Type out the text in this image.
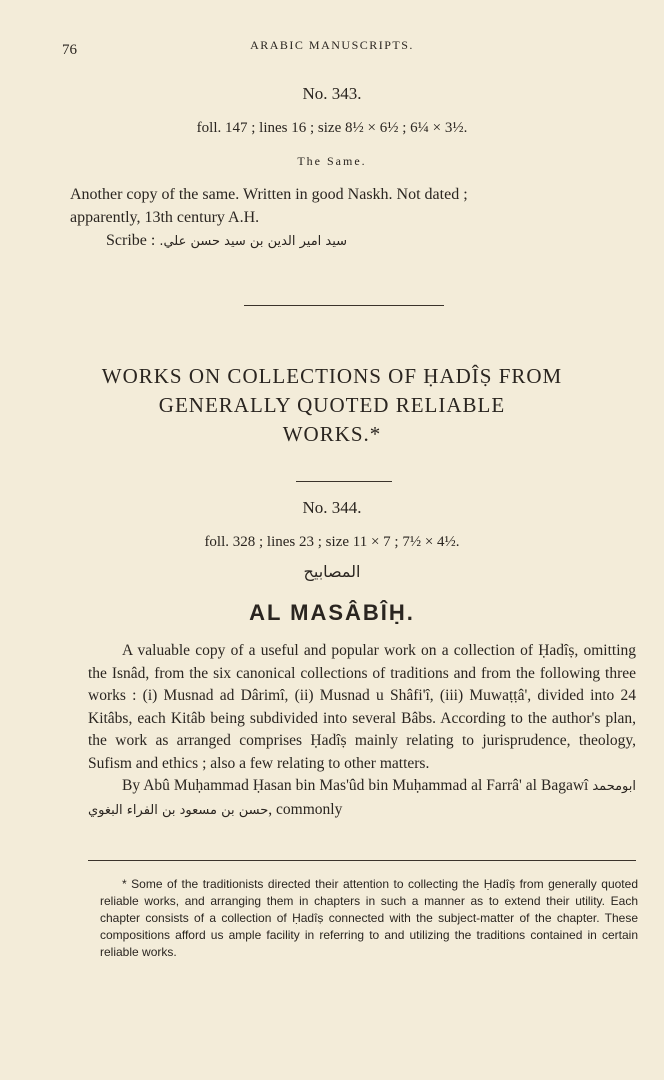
76	ARABIC MANUSCRIPTS.
No. 343.
foll. 147 ; lines 16 ; size 8½ × 6½ ; 6¼ × 3½.
The Same.

Another copy of the same. Written in good Naskh. Not dated ;

apparently, 13th century A.H.

Scribe : سيد امير الدين بن سيد حسن علي.

WORKS ON COLLECTIONS OF ḤADÎṢ FROM
GENERALLY QUOTED RELIABLE
WORKS.*
No. 344.
foll. 328 ; lines 23 ; size 11 × 7 ; 7½ × 4½.
المصابيح
AL MASÂBÎḤ.

A valuable copy of a useful and popular work on a collection of Ḥadîṣ, omitting the Isnâd, from the six canonical collections of traditions and from the following three works : (i) Musnad ad Dârimî, (ii) Musnad u Shâfi'î, (iii) Muwaṭṭâ', divided into 24 Kitâbs, each Kitâb being subdivided into several Bâbs. According to the author's plan, the work as arranged comprises Ḥadîṣ mainly relating to jurisprudence, theology, Sufism and ethics ; also a few relating to other matters.

By Abû Muḥammad Ḥasan bin Mas'ûd bin Muḥammad al Farrâ' al Bagawî ابومحمد حسن بن مسعود بن الفراء البغوي, commonly

* Some of the traditionists directed their attention to collecting the Ḥadîṣ from generally quoted reliable works, and arranging them in chapters in such a manner as to extend their utility. Each chapter consists of a collection of Ḥadîṣ connected with the subject-matter of the chapter. These compositions afford us ample facility in referring to and utilizing the traditions contained in certain reliable works.
